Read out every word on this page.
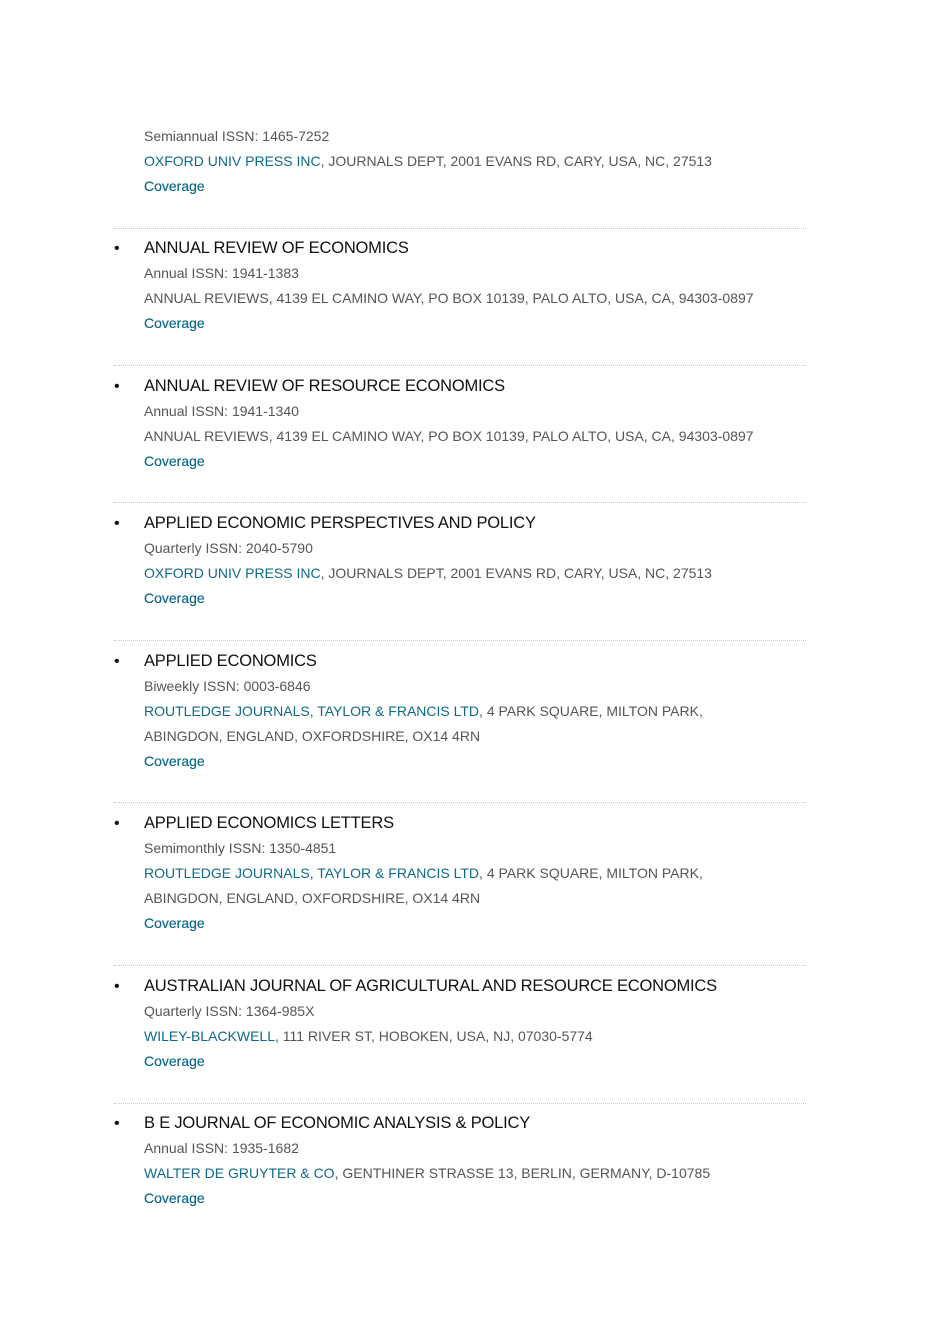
Semiannual ISSN: 1465-7252
OXFORD UNIV PRESS INC, JOURNALS DEPT, 2001 EVANS RD, CARY, USA, NC, 27513
Coverage
• ANNUAL REVIEW OF ECONOMICS
Annual ISSN: 1941-1383
ANNUAL REVIEWS, 4139 EL CAMINO WAY, PO BOX 10139, PALO ALTO, USA, CA, 94303-0897
Coverage
• ANNUAL REVIEW OF RESOURCE ECONOMICS
Annual ISSN: 1941-1340
ANNUAL REVIEWS, 4139 EL CAMINO WAY, PO BOX 10139, PALO ALTO, USA, CA, 94303-0897
Coverage
• APPLIED ECONOMIC PERSPECTIVES AND POLICY
Quarterly ISSN: 2040-5790
OXFORD UNIV PRESS INC, JOURNALS DEPT, 2001 EVANS RD, CARY, USA, NC, 27513
Coverage
• APPLIED ECONOMICS
Biweekly ISSN: 0003-6846
ROUTLEDGE JOURNALS, TAYLOR & FRANCIS LTD, 4 PARK SQUARE, MILTON PARK,
ABINGDON, ENGLAND, OXFORDSHIRE, OX14 4RN
Coverage
• APPLIED ECONOMICS LETTERS
Semimonthly ISSN: 1350-4851
ROUTLEDGE JOURNALS, TAYLOR & FRANCIS LTD, 4 PARK SQUARE, MILTON PARK,
ABINGDON, ENGLAND, OXFORDSHIRE, OX14 4RN
Coverage
• AUSTRALIAN JOURNAL OF AGRICULTURAL AND RESOURCE ECONOMICS
Quarterly ISSN: 1364-985X
WILEY-BLACKWELL, 111 RIVER ST, HOBOKEN, USA, NJ, 07030-5774
Coverage
• B E JOURNAL OF ECONOMIC ANALYSIS & POLICY
Annual ISSN: 1935-1682
WALTER DE GRUYTER & CO, GENTHINER STRASSE 13, BERLIN, GERMANY, D-10785
Coverage
